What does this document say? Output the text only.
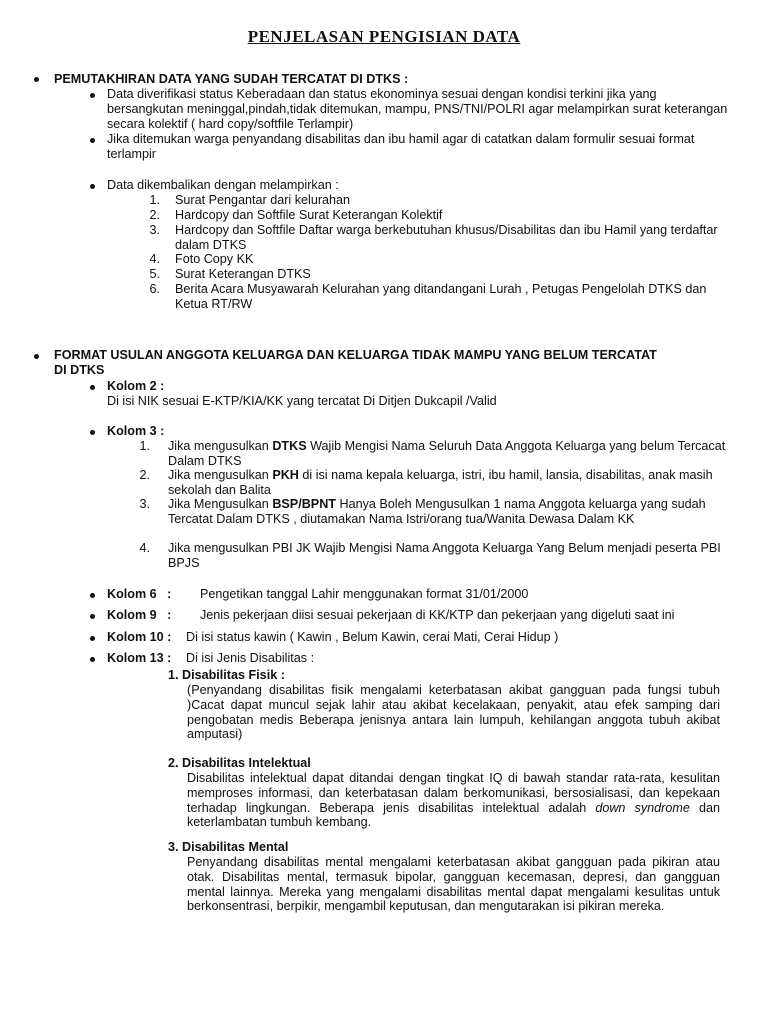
PENJELASAN PENGISIAN DATA
PEMUTAKHIRAN DATA YANG SUDAH TERCATAT DI DTKS :
Data diverifikasi status Keberadaan dan status ekonominya sesuai dengan kondisi terkini jika yang bersangkutan meninggal,pindah,tidak ditemukan, mampu, PNS/TNI/POLRI agar melampirkan surat keterangan secara kolektif ( hard copy/softfile Terlampir)
Jika ditemukan warga penyandang disabilitas dan ibu hamil agar di catatkan dalam formulir sesuai format terlampir
Data dikembalikan dengan melampirkan :
1. Surat Pengantar dari kelurahan
2. Hardcopy dan Softfile Surat Keterangan Kolektif
3. Hardcopy dan Softfile Daftar warga berkebutuhan khusus/Disabilitas dan ibu Hamil yang terdaftar dalam DTKS
4. Foto Copy KK
5. Surat Keterangan DTKS
6. Berita Acara Musyawarah Kelurahan yang ditandangani Lurah , Petugas Pengelolah DTKS dan Ketua RT/RW
FORMAT USULAN ANGGOTA KELUARGA DAN KELUARGA TIDAK MAMPU YANG BELUM TERCATAT DI DTKS
Kolom 2 :
Di isi NIK sesuai E-KTP/KIA/KK yang tercatat Di Ditjen Dukcapil /Valid
Kolom 3 :
1. Jika mengusulkan DTKS Wajib Mengisi Nama Seluruh Data Anggota Keluarga yang belum Tercacat Dalam DTKS
2. Jika mengusulkan PKH di isi nama kepala keluarga, istri, ibu hamil, lansia, disabilitas, anak masih sekolah dan Balita
3. Jika Mengusulkan BSP/BPNT Hanya Boleh Mengusulkan 1 nama Anggota keluarga yang sudah Tercatat Dalam DTKS , diutamakan Nama Istri/orang tua/Wanita Dewasa Dalam KK
4. Jika mengusulkan PBI JK Wajib Mengisi Nama Anggota Keluarga Yang Belum menjadi peserta PBI BPJS
Kolom 6   :	Pengetikan tanggal Lahir menggunakan format 31/01/2000
Kolom 9   :	Jenis pekerjaan diisi sesuai pekerjaan di KK/KTP dan pekerjaan yang digeluti saat ini
Kolom 10 :	Di isi status kawin ( Kawin , Belum Kawin, cerai Mati, Cerai Hidup )
Kolom 13 :	Di isi Jenis Disabilitas :
1. Disabilitas Fisik :
(Penyandang disabilitas fisik mengalami keterbatasan akibat gangguan pada fungsi tubuh )Cacat dapat muncul sejak lahir atau akibat kecelakaan, penyakit, atau efek samping dari pengobatan medis Beberapa jenisnya antara lain lumpuh, kehilangan anggota tubuh akibat amputasi)
2. Disabilitas Intelektual
Disabilitas intelektual dapat ditandai dengan tingkat IQ di bawah standar rata-rata, kesulitan memproses informasi, dan keterbatasan dalam berkomunikasi, bersosialisasi, dan kepekaan terhadap lingkungan. Beberapa jenis disabilitas intelektual adalah down syndrome dan keterlambatan tumbuh kembang.
3. Disabilitas Mental
Penyandang disabilitas mental mengalami keterbatasan akibat gangguan pada pikiran atau otak. Disabilitas mental, termasuk bipolar, gangguan kecemasan, depresi, dan gangguan mental lainnya. Mereka yang mengalami disabilitas mental dapat mengalami kesulitas untuk berkonsentrasi, berpikir, mengambil keputusan, dan mengutarakan isi pikiran mereka.
